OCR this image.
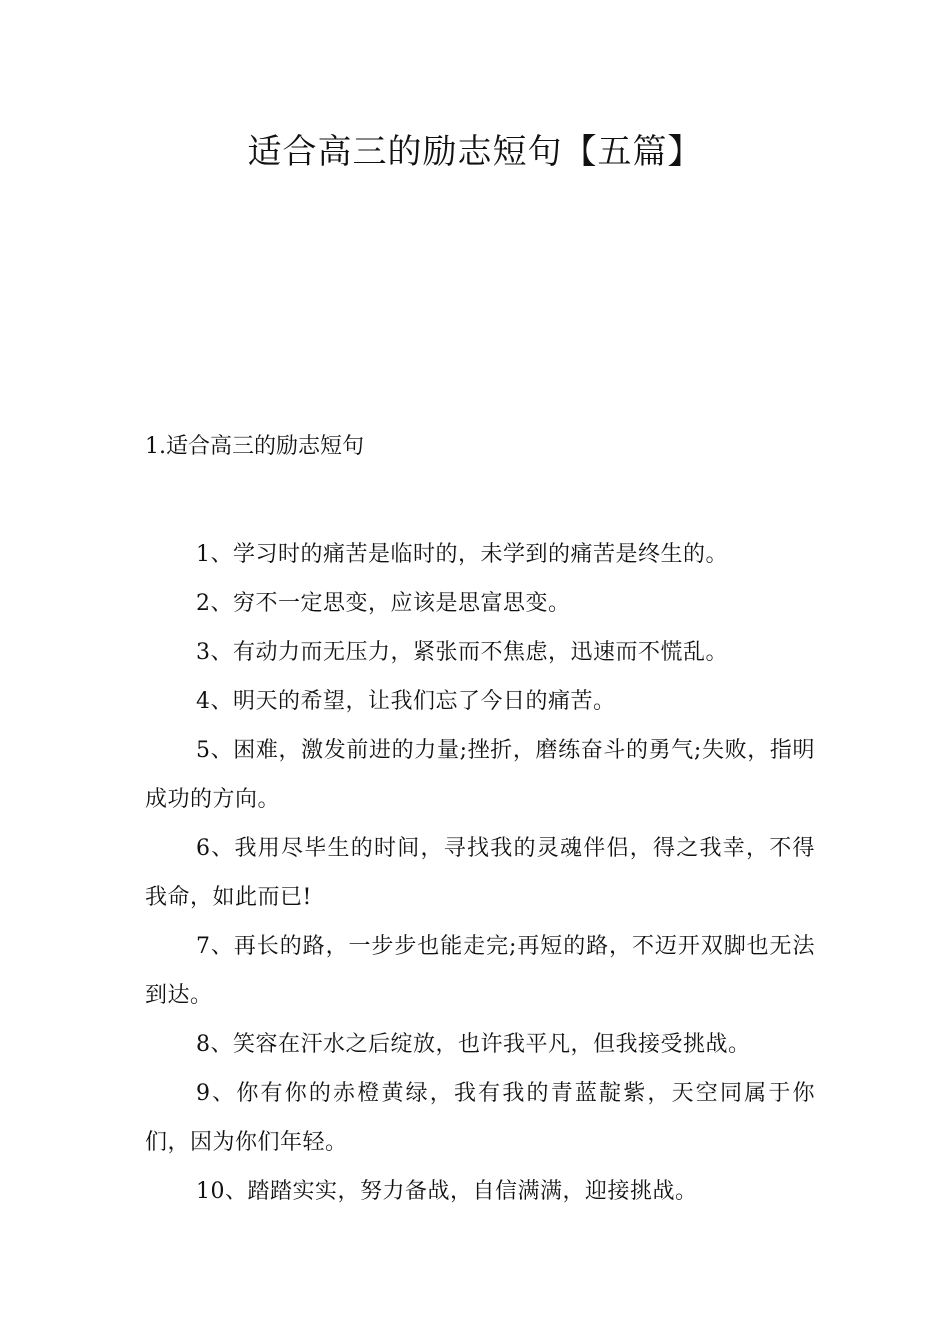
适合高三的励志短句【五篇】
1.适合高三的励志短句

1、学习时的痛苦是临时的，未学到的痛苦是终生的。

2、穷不一定思变，应该是思富思变。

3、有动力而无压力，紧张而不焦虑，迅速而不慌乱。

4、明天的希望，让我们忘了今日的痛苦。

5、困难，激发前进的力量;挫折，磨练奋斗的勇气;失败，指明成功的方向。

6、我用尽毕生的时间，寻找我的灵魂伴侣，得之我幸，不得我命，如此而已!

7、再长的路，一步步也能走完;再短的路，不迈开双脚也无法到达。

8、笑容在汗水之后绽放，也许我平凡，但我接受挑战。

9、你有你的赤橙黄绿，我有我的青蓝靛紫，天空同属于你们，因为你们年轻。

10、踏踏实实，努力备战，自信满满，迎接挑战。
